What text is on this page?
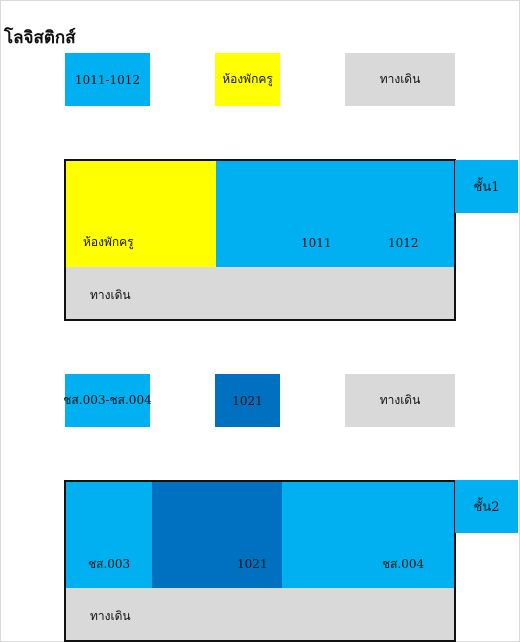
โลจิสติกส์
1011-1012	ห้องพักครู	ทางเดิน
ห้องพักครู	1011	1012
ทางเดิน
ชั้น1
ชส.003-ชส.004	1021	ทางเดิน
ชส.003	1021	ชส.004
ทางเดิน
ชั้น2
